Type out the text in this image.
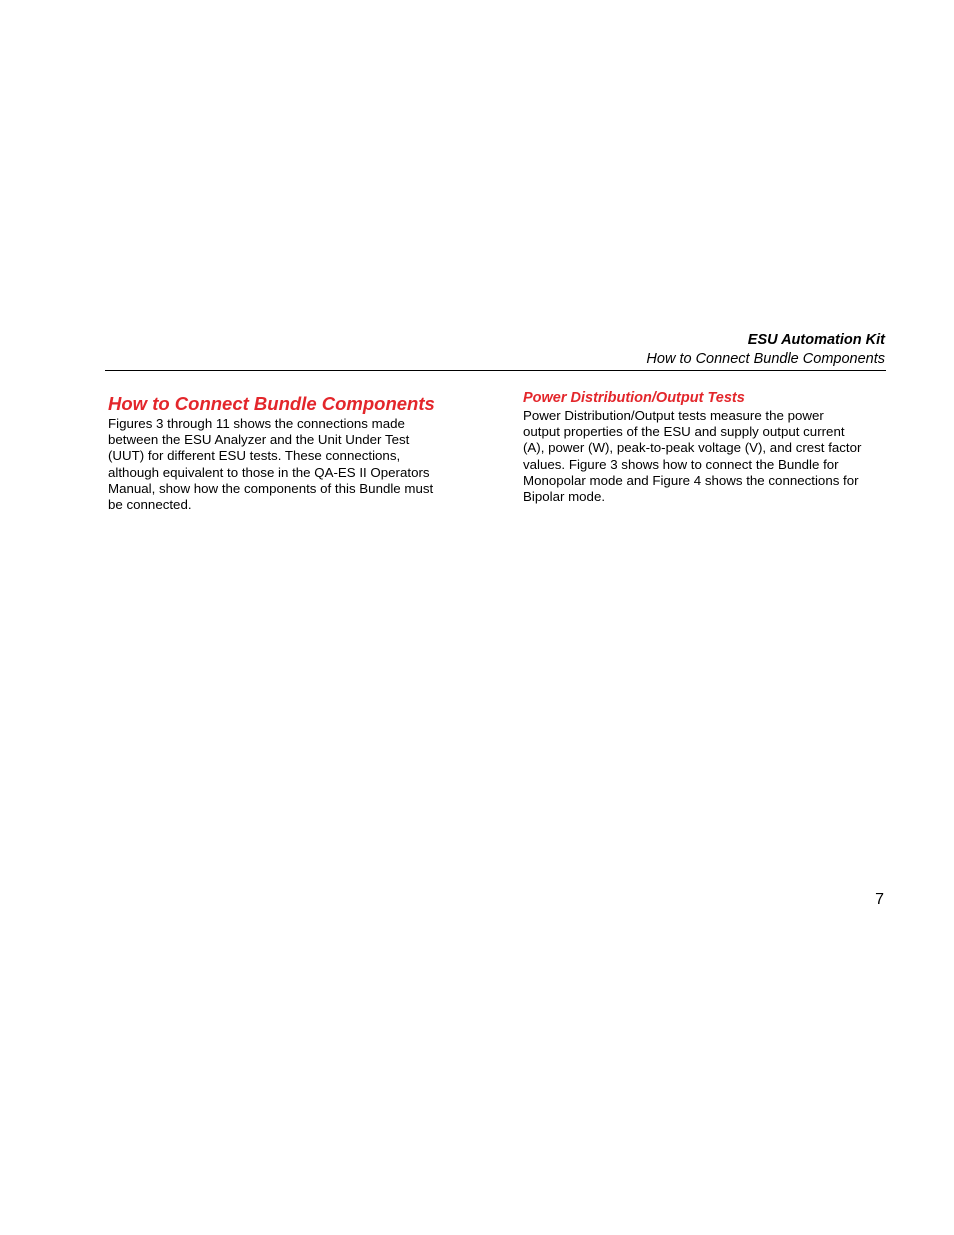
ESU Automation Kit
How to Connect Bundle Components
How to Connect Bundle Components

Figures 3 through 11 shows the connections made
between the ESU Analyzer and the Unit Under Test
(UUT) for different ESU tests. These connections,
although equivalent to those in the QA-ES II Operators
Manual, show how the components of this Bundle must
be connected.

Power Distribution/Output Tests

Power Distribution/Output tests measure the power
output properties of the ESU and supply output current
(A), power (W), peak-to-peak voltage (V), and crest factor
values. Figure 3 shows how to connect the Bundle for
Monopolar mode and Figure 4 shows the connections for
Bipolar mode.

7
